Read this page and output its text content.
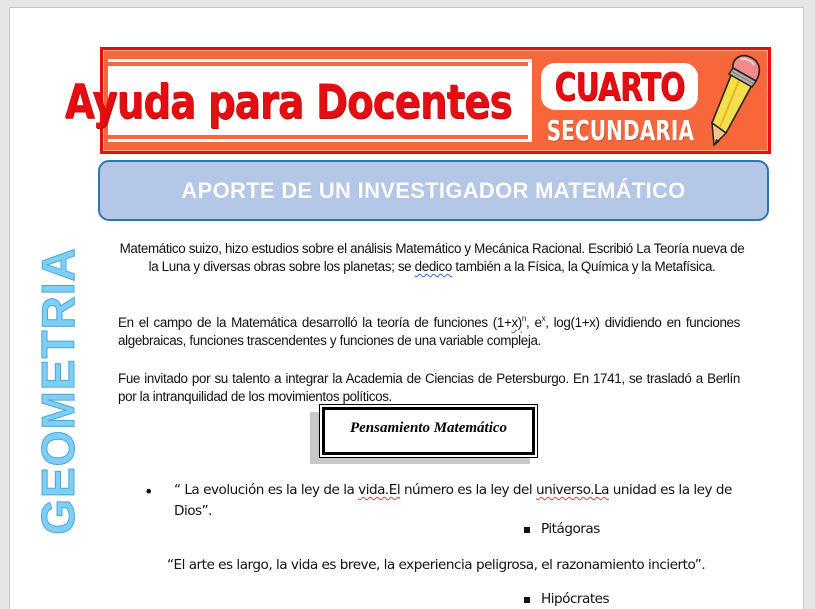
Ayuda para Docentes CUARTO
SECUNDARIA
APORTE DE UN INVESTIGADOR MATEMÁTICO
GEOMETRIA	Matemático suizo, hizo estudios sobre el análisis Matemático y Mecánica Racional. Escribió La Teoría nueva de la Luna y diversas obras sobre los planetas; se dedico también a la Física, la Química y la Metafísica.

En el campo de la Matemática desarrolló la teoría de funciones $(1+x)^n$, $e^x$, log(1+x) dividiendo en funciones algebraicas, funciones trascendentes y funciones de una variable compleja.

Fue invitado por su talento a integrar la Academia de Ciencias de Petersburgo. En 1741, se trasladó a Berlín por la intranquilidad de los movimientos políticos.

Pensamiento Matemático
• “ La evolución es la ley de la vida.El número es la ley del universo.La unidad es la ley de Dios”.

Pitágoras

“El arte es largo, la vida es breve, la experiencia peligrosa, el razonamiento incierto”.

Hipócrates
